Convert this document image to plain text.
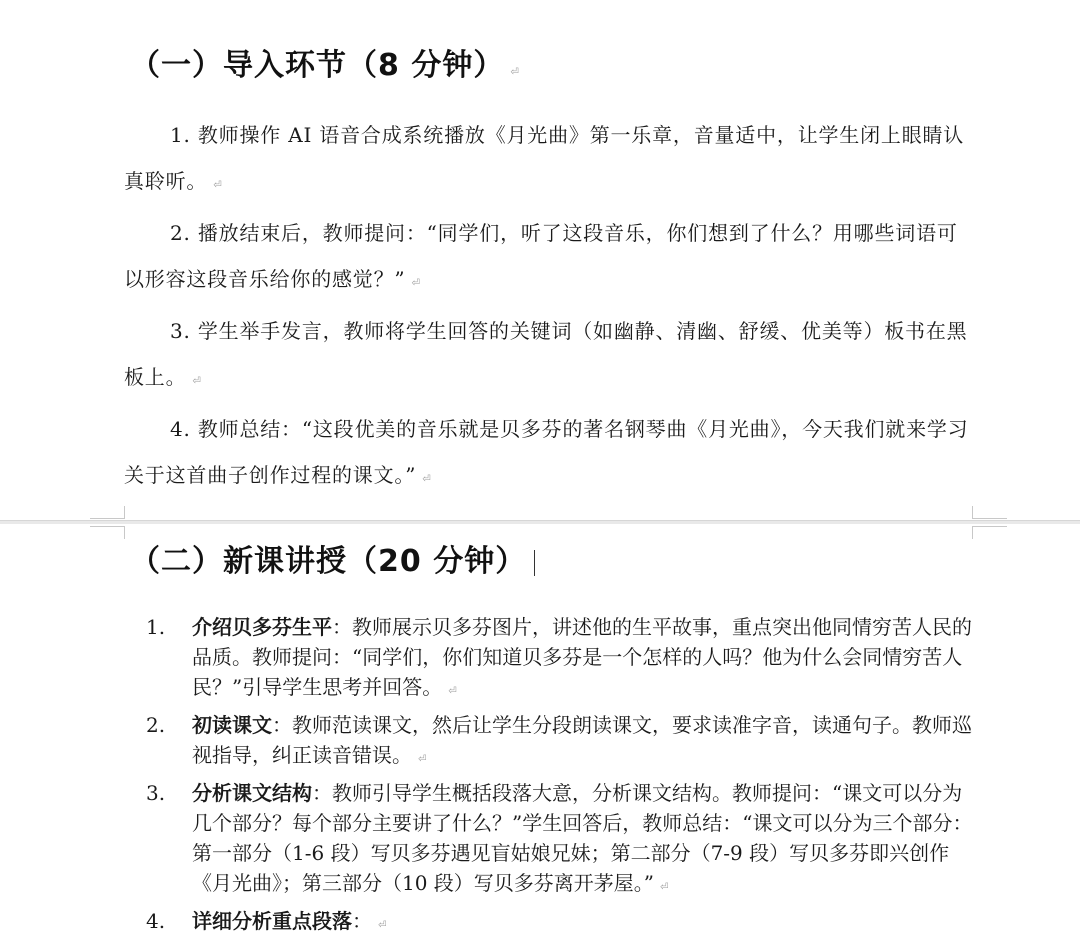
（一）导入环节（8 分钟） ⏎
1. 教师操作 AI 语音合成系统播放《月光曲》第一乐章，音量适中，让学生闭上眼睛认真聆听。 ⏎
2. 播放结束后，教师提问：“同学们，听了这段音乐，你们想到了什么？用哪些词语可以形容这段音乐给你的感觉？” ⏎
3. 学生举手发言，教师将学生回答的关键词（如幽静、清幽、舒缓、优美等）板书在黑板上。 ⏎
4. 教师总结：“这段优美的音乐就是贝多芬的著名钢琴曲《月光曲》，今天我们就来学习关于这首曲子创作过程的课文。” ⏎
（二）新课讲授（20 分钟）
1. 介绍贝多芬生平：教师展示贝多芬图片，讲述他的生平故事，重点突出他同情穷苦人民的品质。教师提问：“同学们，你们知道贝多芬是一个怎样的人吗？他为什么会同情穷苦人民？”引导学生思考并回答。 ⏎
2. 初读课文：教师范读课文，然后让学生分段朗读课文，要求读准字音，读通句子。教师巡视指导，纠正读音错误。 ⏎
3. 分析课文结构：教师引导学生概括段落大意，分析课文结构。教师提问：“课文可以分为几个部分？每个部分主要讲了什么？”学生回答后，教师总结：“课文可以分为三个部分：第一部分（1-6 段）写贝多芬遇见盲姑娘兄妹；第二部分（7-9 段）写贝多芬即兴创作《月光曲》；第三部分（10 段）写贝多芬离开茅屋。” ⏎
4. 详细分析重点段落： ⏎
